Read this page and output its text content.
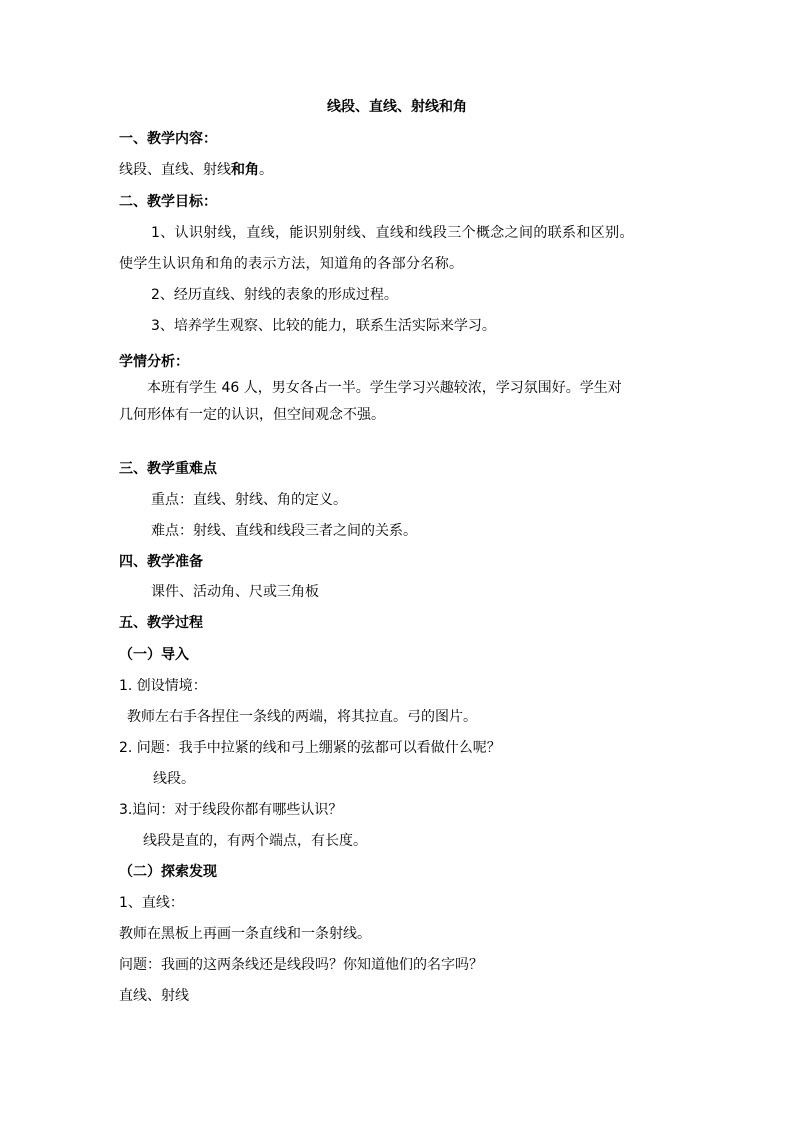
线段、直线、射线和角
一、教学内容：
线段、直线、射线和角。
二、教学目标：
1、认识射线，直线，能识别射线、直线和线段三个概念之间的联系和区别。
使学生认识角和角的表示方法，知道角的各部分名称。
2、经历直线、射线的表象的形成过程。
3、培养学生观察、比较的能力，联系生活实际来学习。
学情分析：
本班有学生 46 人，男女各占一半。学生学习兴趣较浓，学习氛围好。学生对
几何形体有一定的认识，但空间观念不强。
三、教学重难点
重点：直线、射线、角的定义。
难点：射线、直线和线段三者之间的关系。
四、教学准备
课件、活动角、尺或三角板
五、教学过程
（一）导入
1. 创设情境：
教师左右手各捏住一条线的两端，将其拉直。弓的图片。
2. 问题：我手中拉紧的线和弓上绷紧的弦都可以看做什么呢？
线段。
3.追问：对于线段你都有哪些认识？
线段是直的，有两个端点，有长度。
（二）探索发现
1、直线：
教师在黑板上再画一条直线和一条射线。
问题：我画的这两条线还是线段吗？你知道他们的名字吗？
直线、射线
